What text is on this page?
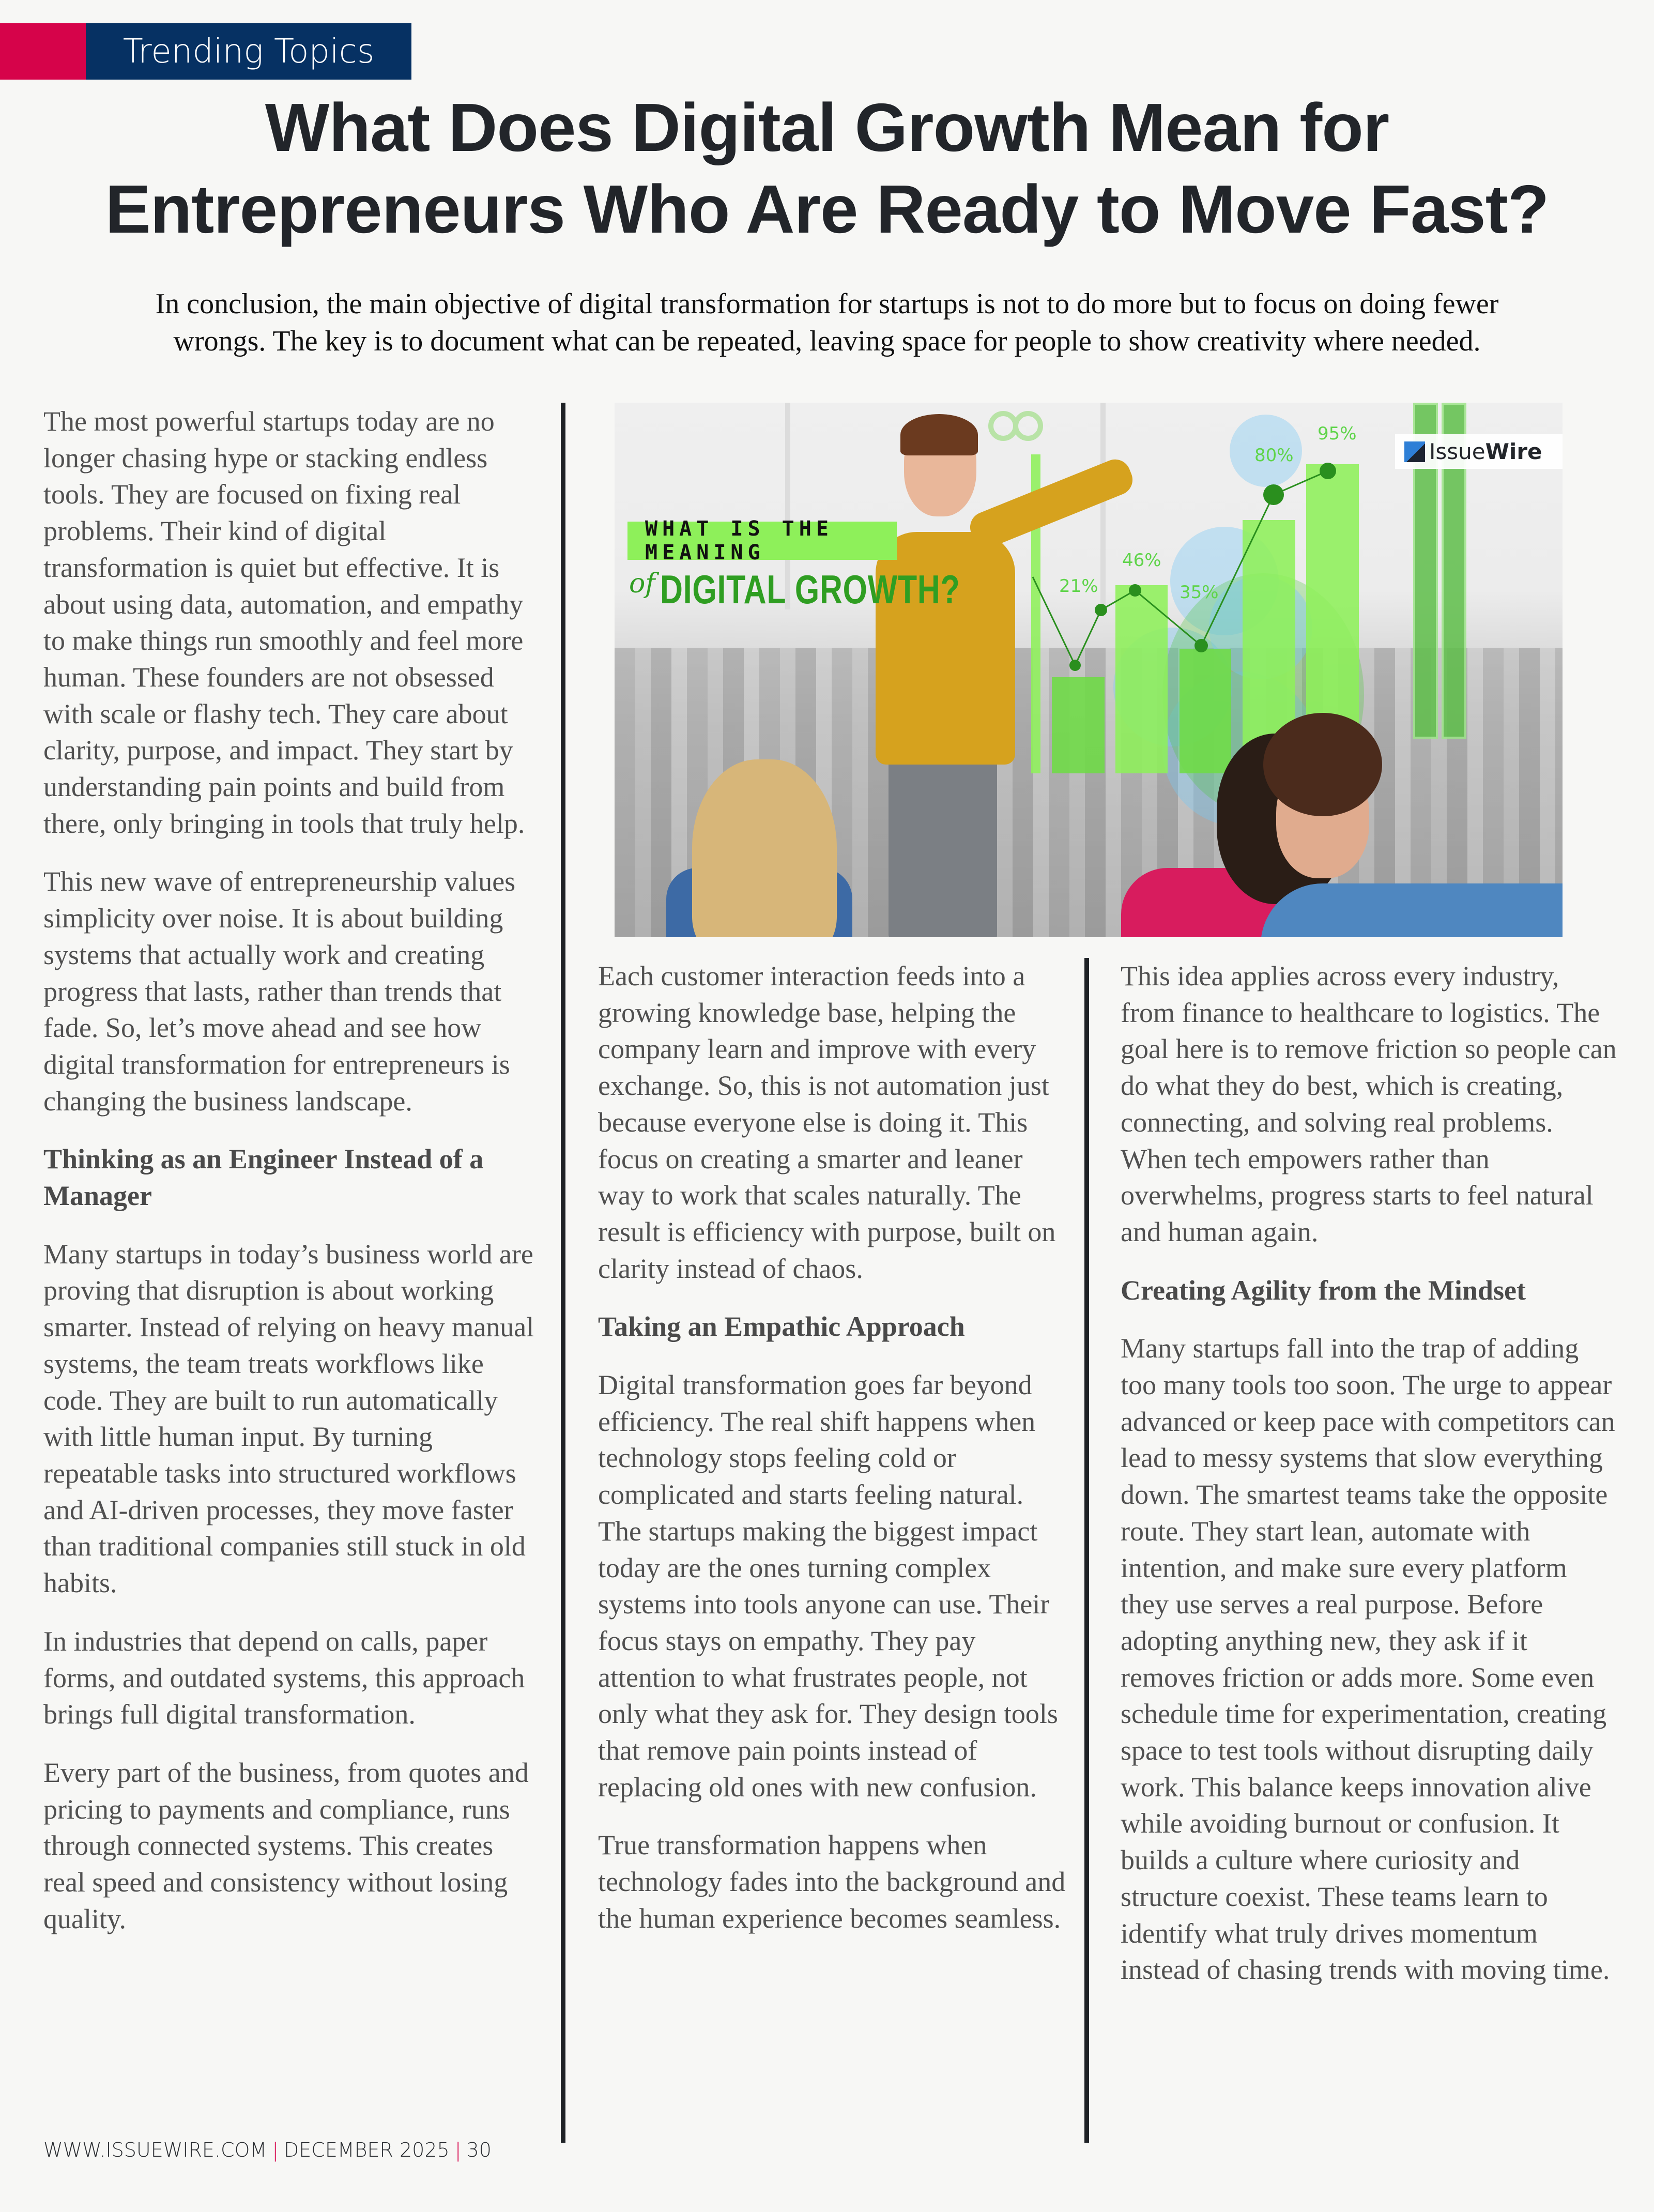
Trending Topics
What Does Digital Growth Mean for
Entrepreneurs Who Are Ready to Move Fast?
In conclusion, the main objective of digital transformation for startups is not to do more but to focus on doing fewer
wrongs. The key is to document what can be repeated, leaving space for people to show creativity where needed.

The most powerful startups today are no longer chasing hype or stacking endless tools. They are focused on fixing real problems. Their kind of digital transformation is quiet but effective. It is about using data, automation, and empathy to make things run smoothly and feel more human. These founders are not obsessed with scale or flashy tech. They care about clarity, purpose, and impact. They start by understanding pain points and build from there, only bringing in tools that truly help.

This new wave of entrepreneurship values simplicity over noise. It is about building systems that actually work and creating progress that lasts, rather than trends that fade. So, let’s move ahead and see how digital transformation for entrepreneurs is changing the business landscape.

Thinking as an Engineer Instead of a Manager

Many startups in today’s business world are proving that disruption is about working smarter. Instead of relying on heavy manual systems, the team treats workflows like code. They are built to run automatically with little human input. By turning repeatable tasks into structured workflows and AI-driven processes, they move faster than traditional companies still stuck in old habits.

In industries that depend on calls, paper forms, and outdated systems, this approach brings full digital transformation.

Every part of the business, from quotes and pricing to payments and compliance, runs through connected systems. This creates real speed and consistency without losing quality.

21%
46%
35%
80%
95%
WHAT IS THE MEANING
of DIGITAL GROWTH?
IssueWire

Each customer interaction feeds into a growing knowledge base, helping the company learn and improve with every exchange. So, this is not automation just because everyone else is doing it. This focus on creating a smarter and leaner way to work that scales naturally. The result is efficiency with purpose, built on clarity instead of chaos.

Taking an Empathic Approach

Digital transformation goes far beyond efficiency. The real shift happens when technology stops feeling cold or complicated and starts feeling natural. The startups making the biggest impact today are the ones turning complex systems into tools anyone can use. Their focus stays on empathy. They pay attention to what frustrates people, not only what they ask for. They design tools that remove pain points instead of replacing old ones with new confusion.

True transformation happens when technology fades into the background and the human experience becomes seamless.

This idea applies across every industry, from finance to healthcare to logistics. The goal here is to remove friction so people can do what they do best, which is creating, connecting, and solving real problems. When tech empowers rather than overwhelms, progress starts to feel natural and human again.

Creating Agility from the Mindset

Many startups fall into the trap of adding too many tools too soon. The urge to appear advanced or keep pace with competitors can lead to messy systems that slow everything down. The smartest teams take the opposite route. They start lean, automate with intention, and make sure every platform they use serves a real purpose. Before adopting anything new, they ask if it removes friction or adds more. Some even schedule time for experimentation, creating space to test tools without disrupting daily work. This balance keeps innovation alive while avoiding burnout or confusion. It builds a culture where curiosity and structure coexist. These teams learn to identify what truly drives momentum instead of chasing trends with moving time.

WWW.ISSUEWIRE.COM | DECEMBER 2025 | 30
